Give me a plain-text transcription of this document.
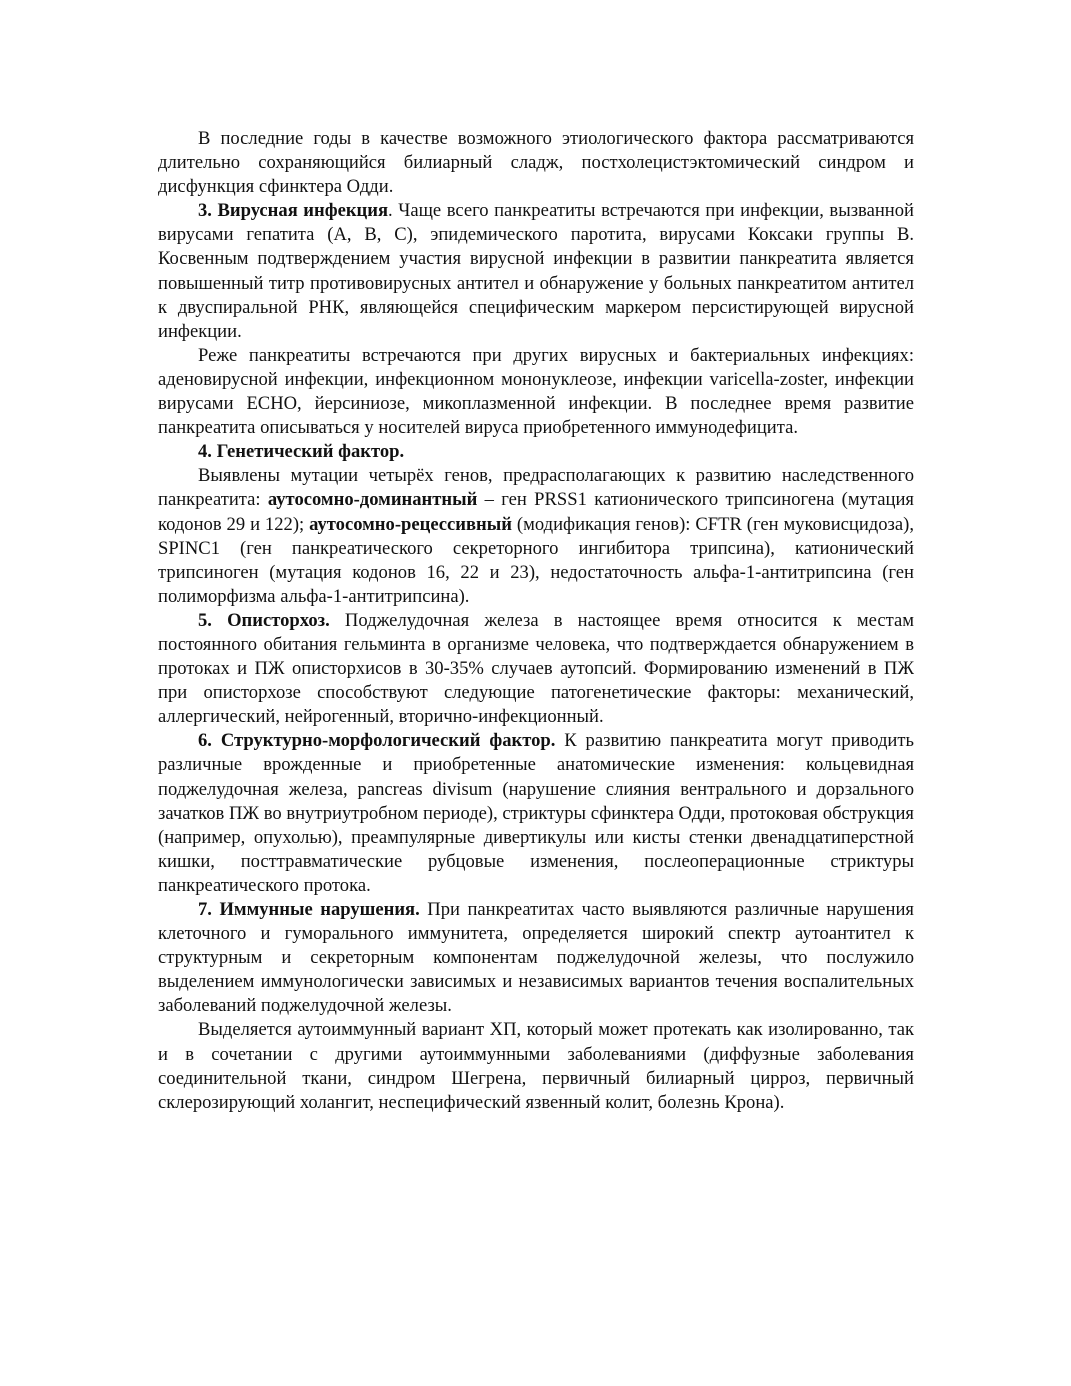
В последние годы в качестве возможного этиологического фактора рассматриваются длительно сохраняющийся билиарный сладж, постхолецистэктомический синдром и дисфункция сфинктера Одди.

3. Вирусная инфекция. Чаще всего панкреатиты встречаются при инфекции, вызванной вирусами гепатита (А, В, С), эпидемического паротита, вирусами Коксаки группы В. Косвенным подтверждением участия вирусной инфекции в развитии панкреатита является повышенный титр противовирусных антител и обнаружение у больных панкреатитом антител к двуспиральной РНК, являющейся специфическим маркером персистирующей вирусной инфекции.

Реже панкреатиты встречаются при других вирусных и бактериальных инфекциях: аденовирусной инфекции, инфекционном мононуклеозе, инфекции varicella-zoster, инфекции вирусами ECHO, йерсиниозе, микоплазменной инфекции. В последнее время развитие панкреатита описываться у носителей вируса приобретенного иммунодефицита.

4. Генетический фактор.

Выявлены мутации четырёх генов, предрасполагающих к развитию наследственного панкреатита: аутосомно-доминантный – ген PRSS1 катионического трипсиногена (мутация кодонов 29 и 122); аутосомно-рецессивный (модификация генов): CFTR (ген муковисцидоза), SPINC1 (ген панкреатического секреторного ингибитора трипсина), катионический трипсиноген (мутация кодонов 16, 22 и 23), недостаточность альфа-1-антитрипсина (ген полиморфизма альфа-1-антитрипсина).

5. Описторхоз. Поджелудочная железа в настоящее время относится к местам постоянного обитания гельминта в организме человека, что подтверждается обнаружением в протоках и ПЖ описторхисов в 30-35% случаев аутопсий. Формированию изменений в ПЖ при описторхозе способствуют следующие патогенетические факторы: механический, аллергический, нейрогенный, вторично-инфекционный.

6. Структурно-морфологический фактор. К развитию панкреатита могут приводить различные врожденные и приобретенные анатомические изменения: кольцевидная поджелудочная железа, pancreas divisum (нарушение слияния вентрального и дорзального зачатков ПЖ во внутриутробном периоде), стриктуры сфинктера Одди, протоковая обструкция (например, опухолью), преампулярные дивертикулы или кисты стенки двенадцатиперстной кишки, посттравматические рубцовые изменения, послеоперационные стриктуры панкреатического протока.

7. Иммунные нарушения. При панкреатитах часто выявляются различные нарушения клеточного и гуморального иммунитета, определяется широкий спектр аутоантител к структурным и секреторным компонентам поджелудочной железы, что послужило выделением иммунологически зависимых и независимых вариантов течения воспалительных заболеваний поджелудочной железы.

Выделяется аутоиммунный вариант ХП, который может протекать как изолированно, так и в сочетании с другими аутоиммунными заболеваниями (диффузные заболевания соединительной ткани, синдром Шегрена, первичный билиарный цирроз, первичный склерозирующий холангит, неспецифический язвенный колит, болезнь Крона).
